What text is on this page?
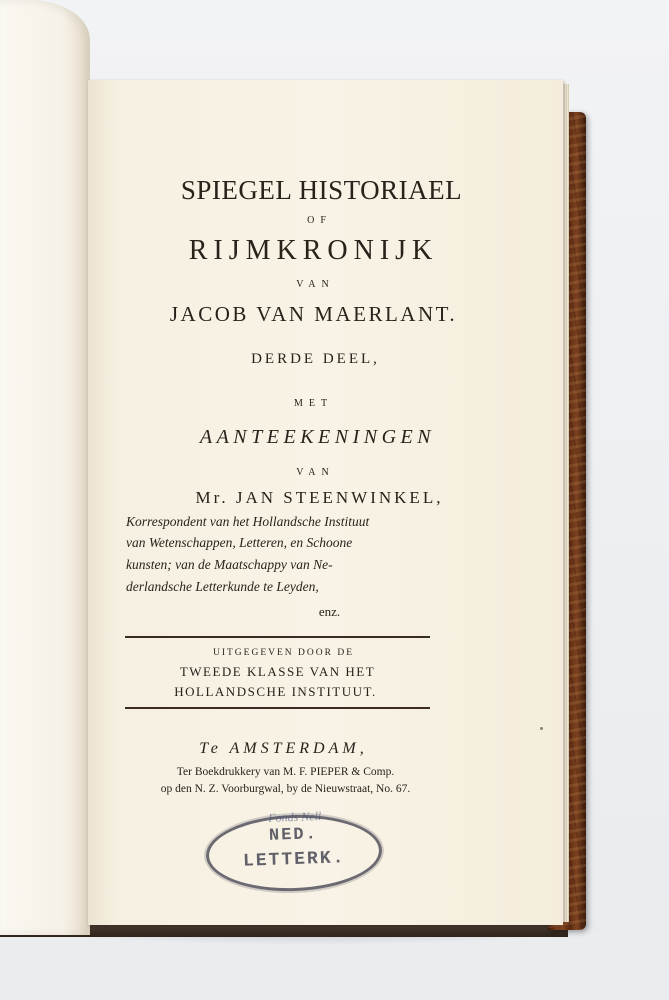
SPIEGEL HISTORIAEL
OF
RIJMKRONIJK
VAN
JACOB VAN MAERLANT.
DERDE DEEL,
MET
AANTEEKENINGEN
VAN
Mr. JAN STEENWINKEL,
Korrespondent van het Hollandsche Instituut
van Wetenschappen, Letteren, en Schoone
kunsten; van de Maatschappy van Ne-
derlandsche Letterkunde te Leyden,
enz.
UITGEGEVEN DOOR DE
TWEEDE KLASSE VAN HET
HOLLANDSCHE INSTITUUT.
Te AMSTERDAM,
Ter Boekdrukkery van M. F. PIEPER & Comp.
op den N. Z. Voorburgwal, by de Nieuwstraat, No. 67.
Fonds Nell
NED.
LETTERK.
